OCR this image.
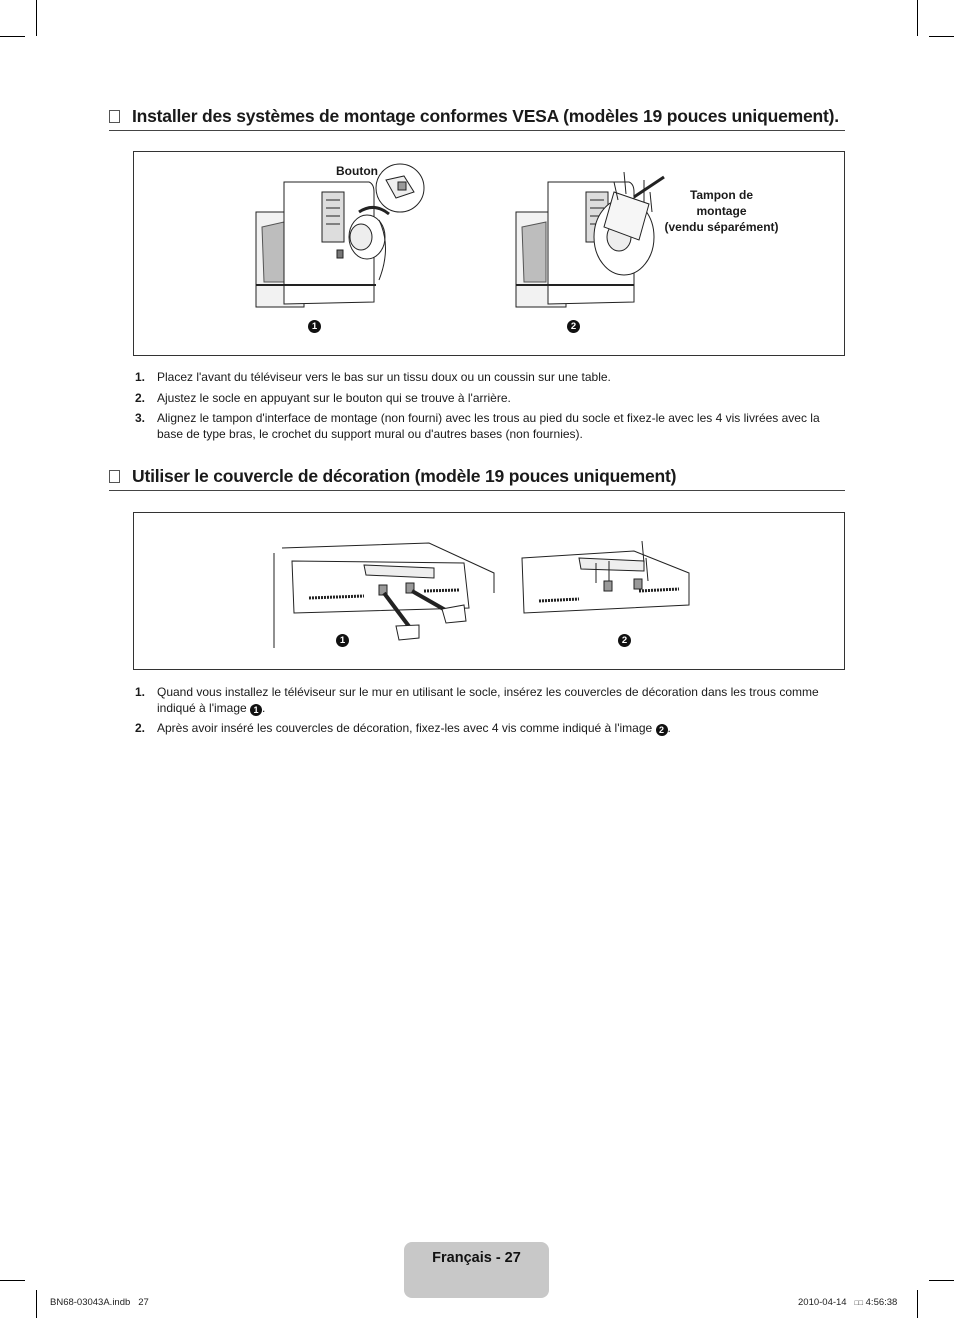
Installer des systèmes de montage conformes VESA (modèles 19 pouces uniquement).
Bouton
Tampon de
montage
(vendu séparément)
1	2
1. Placez l'avant du téléviseur vers le bas sur un tissu doux ou un coussin sur une table.
2. Ajustez le socle en appuyant sur le bouton qui se trouve à l'arrière.
3. Alignez le tampon d'interface de montage (non fourni) avec les trous au pied du socle et fixez-le avec les 4 vis livrées avec la base de type bras, le crochet du support mural ou d'autres bases (non fournies).
Utiliser le couvercle de décoration (modèle 19 pouces uniquement)
1	2
1. Quand vous installez le téléviseur sur le mur en utilisant le socle, insérez les couvercles de décoration dans les trous comme indiqué à l'image 1 .
2. Après avoir inséré les couvercles de décoration, fixez-les avec 4 vis comme indiqué à l'image 2 .
Français - 27
BN68-03043A.indb 27	2010-04-14 □□ 4:56:38
